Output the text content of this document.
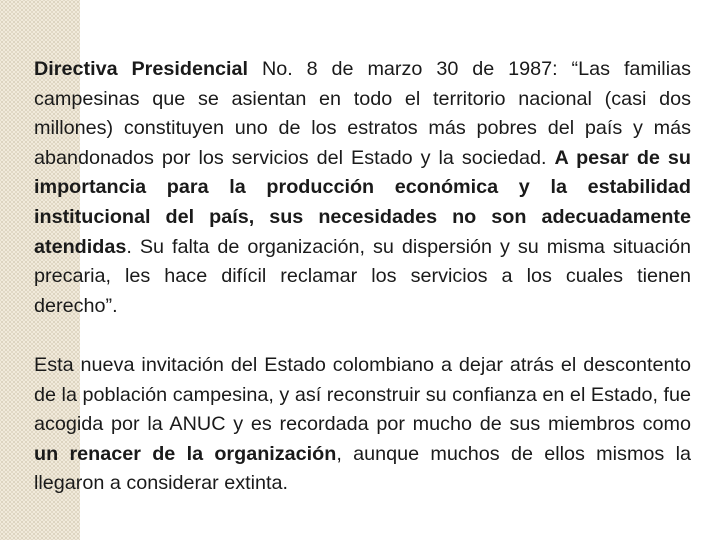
Directiva Presidencial No. 8 de marzo 30 de 1987: “Las familias campesinas que se asientan en todo el territorio nacional (casi dos millones) constituyen uno de los estratos más pobres del país y más abandonados por los servicios del Estado y la sociedad. A pesar de su importancia para la producción económica y la estabilidad institucional del país, sus necesidades no son adecuadamente atendidas. Su falta de organización, su dispersión y su misma situación precaria, les hace difícil reclamar los servicios a los cuales tienen derecho”.

Esta nueva invitación del Estado colombiano a dejar atrás el descontento de la población campesina, y así reconstruir su confianza en el Estado, fue acogida por la ANUC y es recordada por mucho de sus miembros como un renacer de la organización, aunque muchos de ellos mismos la llegaron a considerar extinta.
